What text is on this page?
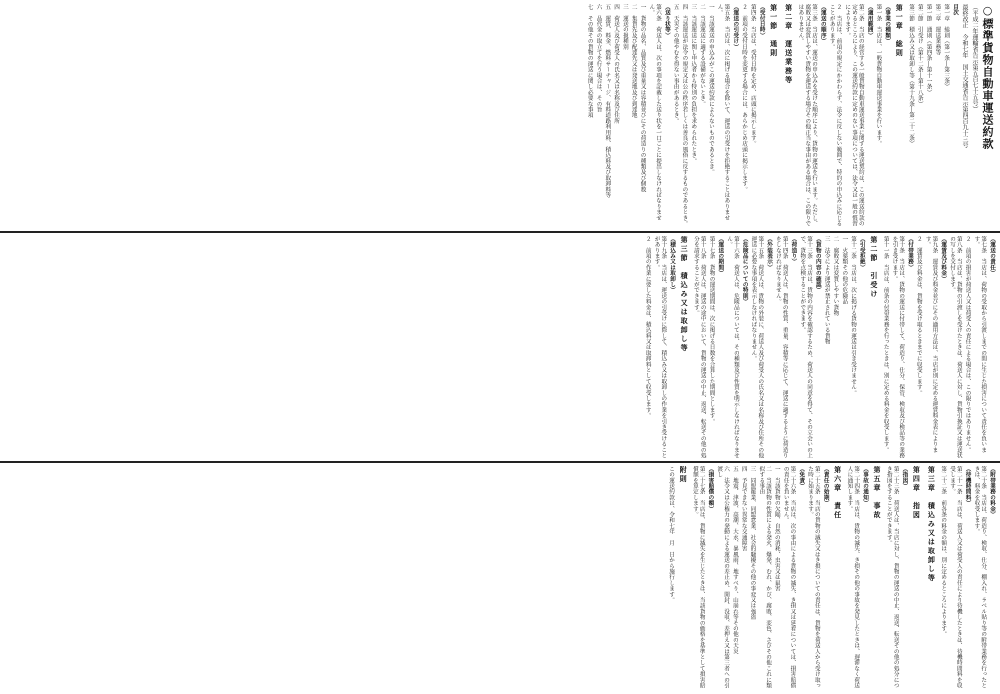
○標準貨物自動車運送約款
（平成二年運輸省告示第五百七十五号）
最終改正　令和七年　国土交通省告示第四百九十三号
目次
第一章　総則（第一条―第三条）
第二章　運送業務等
第一節　通則（第四条―第十一条）
第二節　引受け（第十二条―第十八条）
第三節　積込み又は取卸し等（第十九条―第二十二条）
第一章　総則
（事業の種類）
第一条　当店は、一般貨物自動車運送事業を行います。
（適用範囲）
第二条　当店の経営する一般貨物自動車運送事業に関する運送契約は、この運送約款の定めるところにより、この運送約款に定めのない事項については、法令又は一般の慣習によります。
２　当店は、前項の規定にかかわらず、法令に反しない範囲で、特約の申込みに応じることがあります。
（運送の順序）
第三条　当店は、運送の申込みを受けた順序により、貨物の運送を行います。ただし、腐敗又は変質しやすい貨物を運送する場合その他正当な事由がある場合は、この限りではありません。
第二章　運送業務等
第一節　通則
（受付日時）
第四条　当店は、受付日時を定め、店頭に掲示します。
２　前項の受付日時を変更する場合には、あらかじめ店頭に掲示します。
（運送の引受け）
第五条　当店は、次に掲げる場合を除いて、運送の引受けを拒絶することはありません。
一　当該運送の申込みがこの運送約款によらないものであるとき。
二　当該運送に適する設備がないとき。
三　当該運送に関し申込者から特別の負担を求められたとき。
四　当該運送が法令の規定又は公の秩序若しくは善良の風俗に反するものであるとき。
五　天災その他やむを得ない事由があるとき。
（送り状等）
第六条　荷送人は、次の事項を記載した送り状を一口ごとに提出しなければなりません。
一　貨物の品名、品質及び重量又は容積並びにその荷造りの種類及び個数
二　集貨先及び配達先又は発送地及び到達地
三　運送の扱種別
四　荷送人及び荷受人の氏名又は名称及び住所
五　運賃、料金、燃料サーチャージ、有料道路利用料、積込料及び取卸料等
六　品代金の取立てを行う場合は、その旨
七　その他その貨物の運送に関し必要な事項
（運送の責任）
第七条　当店は、荷物の受取から引渡しまでの間に生じた損害について責任を負います。
２　前項の損害が荷送人又は荷受人の責任による場合は、この限りではありません。
第八条　当店は、貨物の引渡しを受けたときは、荷送人に対し、貨物引換証又は運送状の写しを交付します。
（運賃及び料金）
第九条　運賃及び料金並びにその適用方法は、当店が別に定める運賃料金表によります。
２　運賃及び料金は、貨物を受け取るときまでに収受します。
（付帯業務）
第十条　当店は、貨物の運送に付帯して、荷造り、仕分、保管、検収及び検品等の業務を引き受けます。
第十一条　当店は、前条の付帯業務を行ったときは、別に定める料金を収受します。
第二節　引受け
（引受拒絶）
第十二条　当店は、次に掲げる貨物の運送は引き受けません。
一　火薬類その他の危険品
二　腐敗又は変質しやすい貨物
三　法令により運送が禁止されている貨物
（貨物の内容の確認）
第十三条　当店は、貨物の内容を確認するため、荷送人の同意を得て、その立会いの上で、貨物を点検することができます。
（荷造り）
第十四条　荷送人は、貨物の性質、重量、容積等に応じて、運送に適するように荷造りをしなければなりません。
（外装表示）
第十五条　荷送人は、貨物の外装に、荷送人及び荷受人の氏名又は名称及び住所その他運送に必要な事項を表示しなければなりません。
（危険品についての特則）
第十六条　荷送人は、危険品については、その種類及び性質を明示しなければなりません。
（運送の期間）
第十七条　貨物の運送期間は、次に掲げる日数を合算した期間とします。
第十八条　荷送人は、運送の途中において、貨物の運送の中止、返送、転送その他の処分を請求することができます。
第三節　積込み又は取卸し等
（積込み又は取卸し）
第十九条　当店は、運送の引受けに際して、積込み又は取卸しの作業を引き受けることがあります。
２　前項の作業に要した料金は、積込料又は取卸料として収受します。
（附帯業務の料金）
第二十条　当店は、荷造り、検収、仕分、棚入れ、ラベル貼り等の附帯業務を行ったときは、料金を収受します。
（待機時間料）
第二十一条　当店は、荷送人又は荷受人の責任により待機したときは、待機時間料を収受します。
第二十二条　前各条の料金の額は、別に定めるところによります。
第三章　積込み又は取卸し等
第四章　指図
（指図）
第二十三条　荷送人は、当店に対し、貨物の運送の中止、返送、転送その他の処分につき指図をすることができます。
第五章　事故
（事故の通知）
第二十四条　当店は、貨物の滅失、き損その他の事故を発見したときは、遅滞なく荷送人に通知します。
第六章　責任
（責任の始期）
第二十五条　当店の貨物の滅失又はき損についての責任は、貨物を荷送人から受け取った時に始まります。
（免責）
第二十六条　当店は、次の事由による貨物の滅失、き損又は延着については、損害賠償の責任を負いません。
一　当該貨物の欠陥、自然の消耗、虫害又は鼠害
二　当該貨物の性質による発火、爆発、むれ、かび、腐敗、変色、さびその他これに類似する事由
三　同盟罷業、同盟怠業、社会的騒擾その他の事変又は強盗
四　予見できない異常な交通障害
五　地震、津波、高潮、大水、暴風雨、地すべり、山崩れ等その他の天災
六　法令又は公権力の発動による運送の差止め、開封、没収、差押え又は第三者への引渡し
（損害賠償の額）
第二十七条　当店は、貨物に滅失を生じたときは、当該貨物の価格を基準として損害賠償額を算定します。
附則
この運送約款は、令和七年　月　日から施行します。
